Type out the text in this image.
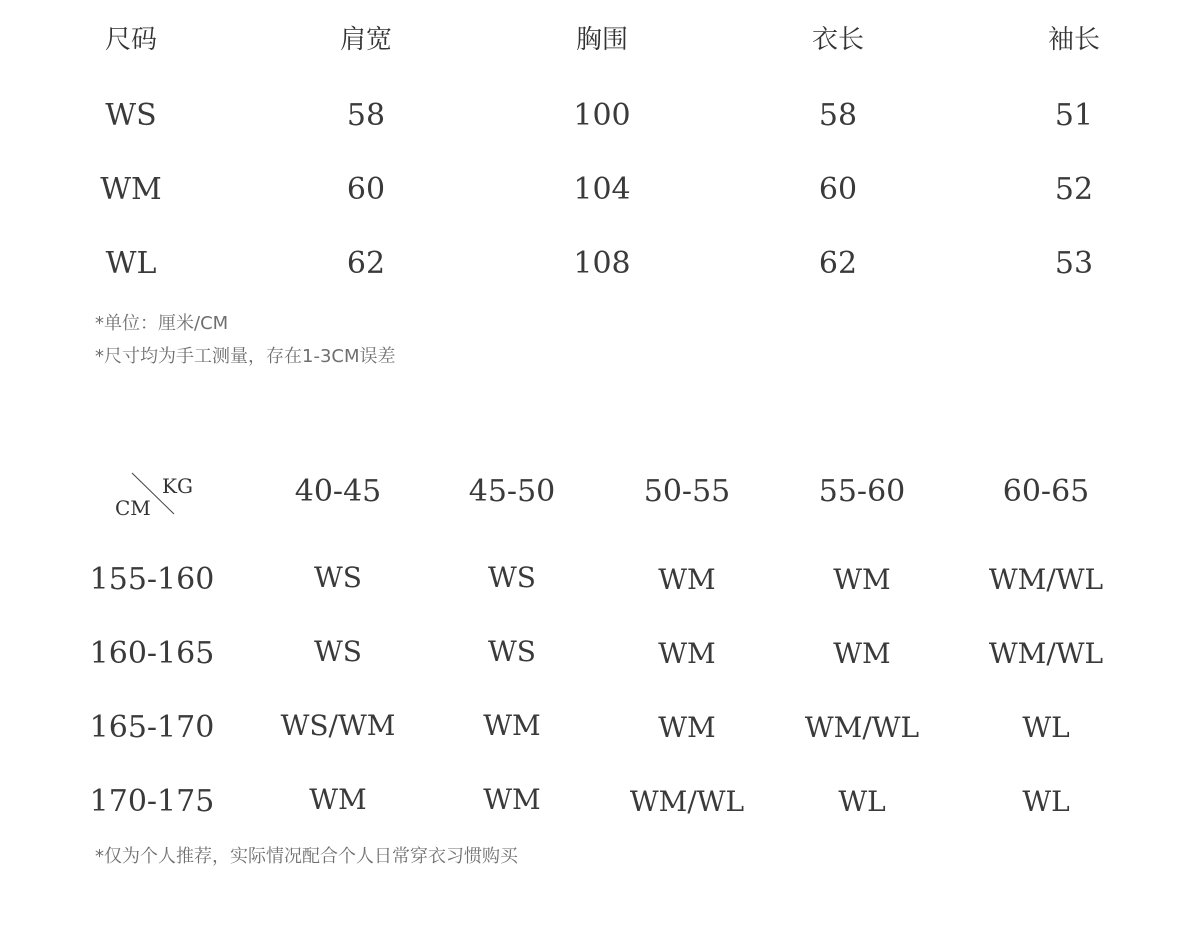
尺码	肩宽	胸围	衣长	袖长
WS	58	100	58	51
WM	60	104	60	52
WL	62	108	62	53
*单位：厘米/CM
*尺寸均为手工测量，存在1-3CM误差
KG
CM	40-45	45-50	50-55	55-60	60-65
155-160	WS	WS	WM	WM	WM/WL
160-165	WS	WS	WM	WM	WM/WL
165-170 WS/WM	WM	WM	WM/WL	WL
170-175	WM	WM	WM/WL	WL	WL
*仅为个人推荐，实际情况配合个人日常穿衣习惯购买
